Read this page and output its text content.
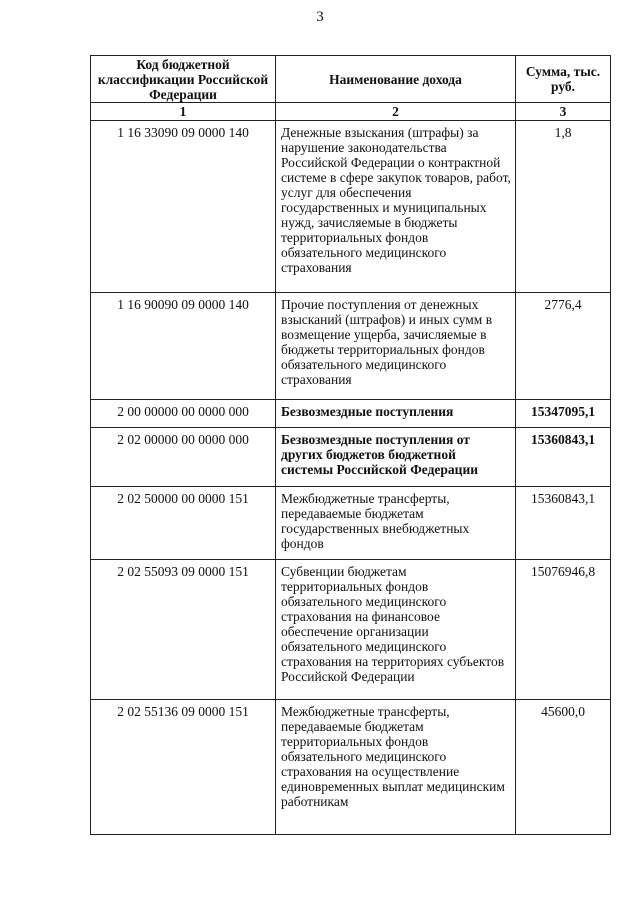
3
Код бюджетной классификации Российской Федерации	Наименование дохода	Сумма, тыс. руб.
1	2	3
1 16 33090 09 0000 140	Денежные взыскания (штрафы) за нарушение законодательства Российской Федерации о контрактной системе в сфере закупок товаров, работ, услуг для обеспечения государственных и муниципальных нужд, зачисляемые в бюджеты территориальных фондов обязательного медицинского страхования	1,8
1 16 90090 09 0000 140	Прочие поступления от денежных взысканий (штрафов) и иных сумм в возмещение ущерба, зачисляемые в бюджеты территориальных фондов обязательного медицинского страхования	2776,4
2 00 00000 00 0000 000	Безвозмездные поступления	15347095,1
2 02 00000 00 0000 000	Безвозмездные поступления от других бюджетов бюджетной системы Российской Федерации	15360843,1
2 02 50000 00 0000 151	Межбюджетные трансферты, передаваемые бюджетам государственных внебюджетных фондов	15360843,1
2 02 55093 09 0000 151	Субвенции бюджетам территориальных фондов обязательного медицинского страхования на финансовое обеспечение организации обязательного медицинского страхования на территориях субъектов Российской Федерации	15076946,8
2 02 55136 09 0000 151	Межбюджетные трансферты, передаваемые бюджетам территориальных фондов обязательного медицинского страхования на осуществление единовременных выплат медицинским работникам	45600,0
